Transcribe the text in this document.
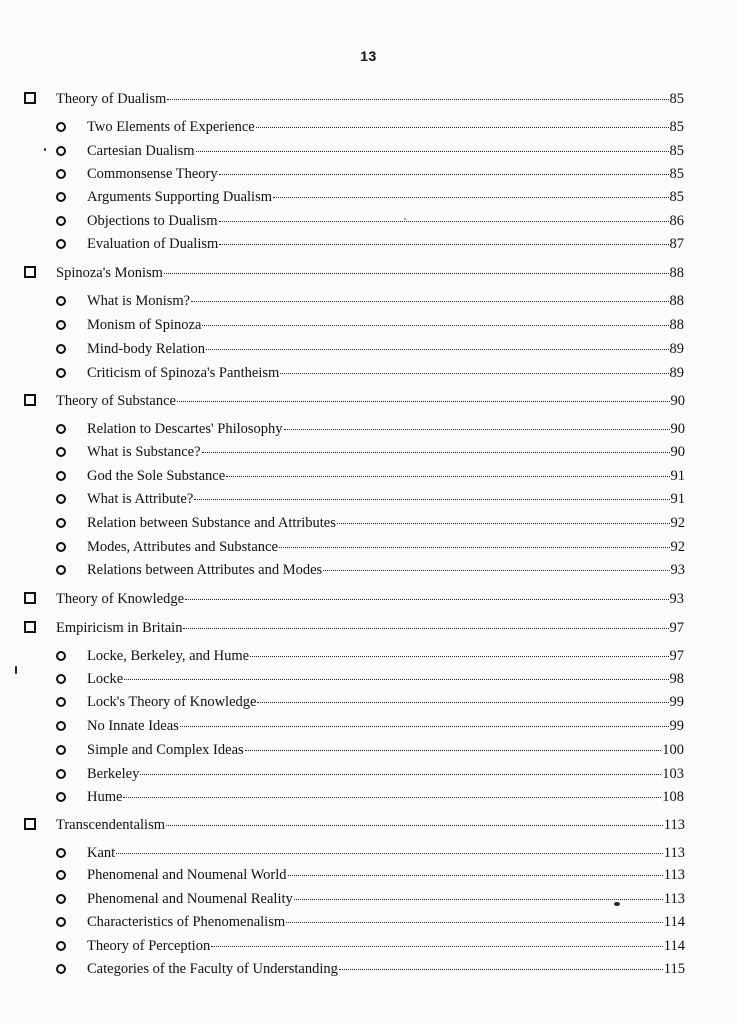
13
Theory of Dualism	85
Two Elements of Experience	85
Cartesian Dualism	85
Commonsense Theory	85
Arguments Supporting Dualism	85
Objections to Dualism	86
Evaluation of Dualism	87
Spinoza's Monism	88
What is Monism?	88
Monism of Spinoza	88
Mind-body Relation	89
Criticism of Spinoza's Pantheism	89
Theory of Substance	90
Relation to Descartes' Philosophy	90
What is Substance?	90
God the Sole Substance	91
What is Attribute?	91
Relation between Substance and Attributes	92
Modes, Attributes and Substance	92
Relations between Attributes and Modes	93
Theory of Knowledge	93
Empiricism in Britain	97
Locke, Berkeley, and Hume	97
Locke	98
Lock's Theory of Knowledge	99
No Innate Ideas	99
Simple and Complex Ideas	100
Berkeley	103
Hume	108
Transcendentalism	113
Kant	113
Phenomenal and Noumenal World	113
Phenomenal and Noumenal Reality	113
Characteristics of Phenomenalism	114
Theory of Perception	114
Categories of the Faculty of Understanding	115
